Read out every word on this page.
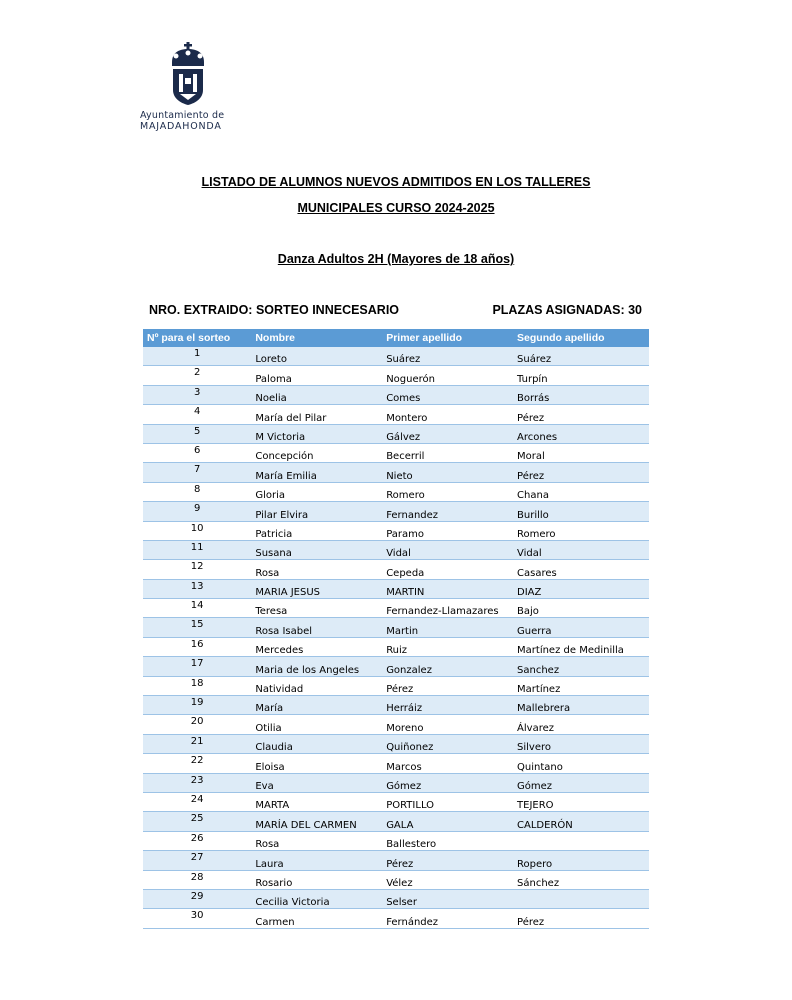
Ayuntamiento de
MAJADAHONDA
LISTADO DE ALUMNOS NUEVOS ADMITIDOS EN LOS TALLERES
MUNICIPALES CURSO 2024-2025
Danza Adultos 2H (Mayores de 18 años)
NRO. EXTRAIDO: SORTEO INNECESARIO	PLAZAS ASIGNADAS: 30
Nº para el sorteo	Nombre	Primer apellido	Segundo apellido
1	Loreto	Suárez	Suárez
2	Paloma	Noguerón	Turpín
3	Noelia	Comes	Borrás
4	María del Pilar	Montero	Pérez
5	M Victoria	Gálvez	Arcones
6	Concepción	Becerril	Moral
7	María Emilia	Nieto	Pérez
8	Gloria	Romero	Chana
9	Pilar Elvira	Fernandez	Burillo
10	Patricia	Paramo	Romero
11	Susana	Vidal	Vidal
12	Rosa	Cepeda	Casares
13	MARIA JESUS	MARTIN	DIAZ
14	Teresa	Fernandez-Llamazares	Bajo
15	Rosa Isabel	Martin	Guerra
16	Mercedes	Ruiz	Martínez de Medinilla
17	Maria de los Angeles	Gonzalez	Sanchez
18	Natividad	Pérez	Martínez
19	María	Herráiz	Mallebrera
20	Otilia	Moreno	Álvarez
21	Claudia	Quiñonez	Silvero
22	Eloisa	Marcos	Quintano
23	Eva	Gómez	Gómez
24	MARTA	PORTILLO	TEJERO
25	MARÍA DEL CARMEN	GALA	CALDERÓN
26	Rosa	Ballestero	
27	Laura	Pérez	Ropero
28	Rosario	Vélez	Sánchez
29	Cecilia Victoria	Selser	
30	Carmen	Fernández	Pérez
